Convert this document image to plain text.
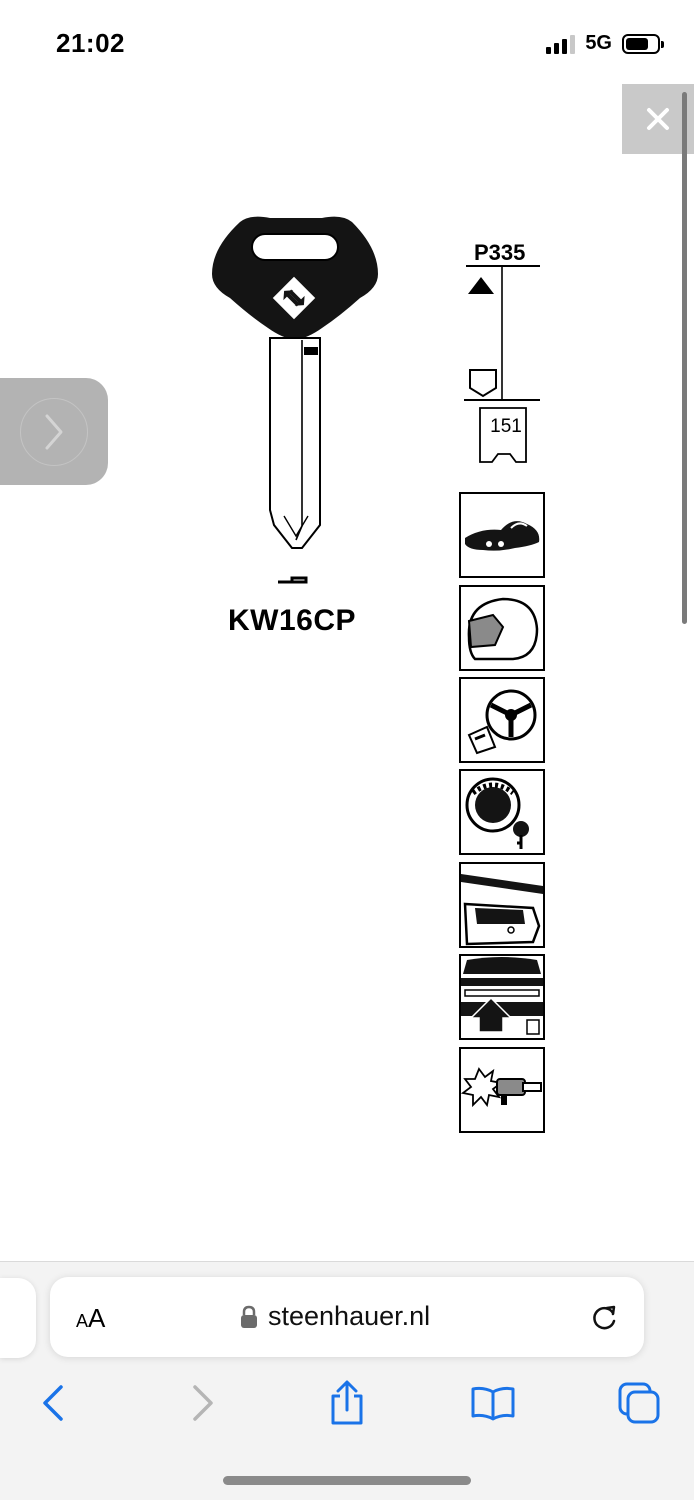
21:02	5G
KW16CP
P335
151
A A	steenhauer.nl
